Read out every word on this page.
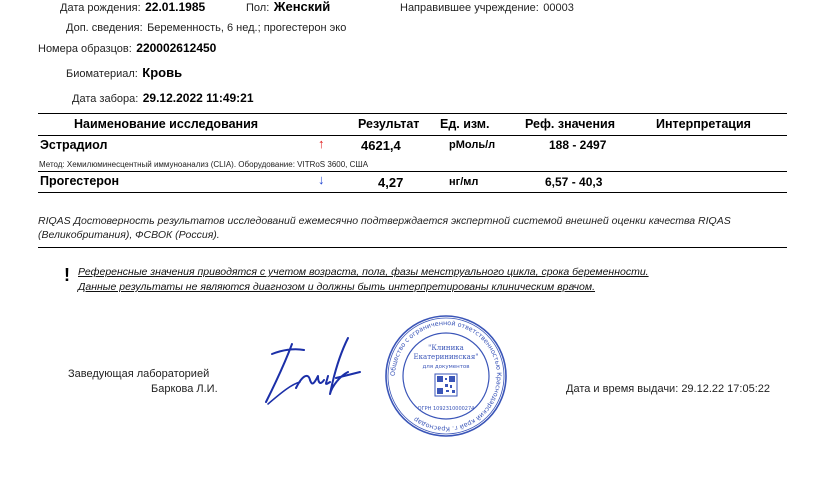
Дата рождения: 22.01.1985	Пол: Женский	Направившее учреждение: 00003
Доп. сведения: Беременность, 6 нед.; прогестерон эко
Номера образцов: 220002612450
Биоматериал: Кровь
Дата забора: 29.12.2022 11:49:21
Наименование исследования	Результат Ед. изм.	Реф. значения	Интерпретация
Эстрадиол	↑	4621,4	pМоль/л	188 - 2497
Метод: Хемилюминесцентный иммуноанализ (CLIA). Оборудование: VITRoS 3600, США
Прогестерон	↓	4,27	нг/мл	6,57 - 40,3
RIQAS Достоверность результатов исследований ежемесячно подтверждается экспертной системой внешней оценки качества RIQAS (Великобритания), ФСВОК (Россия).
! Референсные значения приводятся с учетом возраста, пола, фазы менструального цикла, срока беременности.
Данные результаты не являются диагнозом и должны быть интерпретированы клиническим врачом.
Заведующая лабораторией
Баркова Л.И.
Общество с ограниченной ответственностью Краснодарский край г. Краснодар
"Клиника
Екатерининская"
для документов
ОГРН 1092310000274
Дата и время выдачи: 29.12.22 17:05:22
